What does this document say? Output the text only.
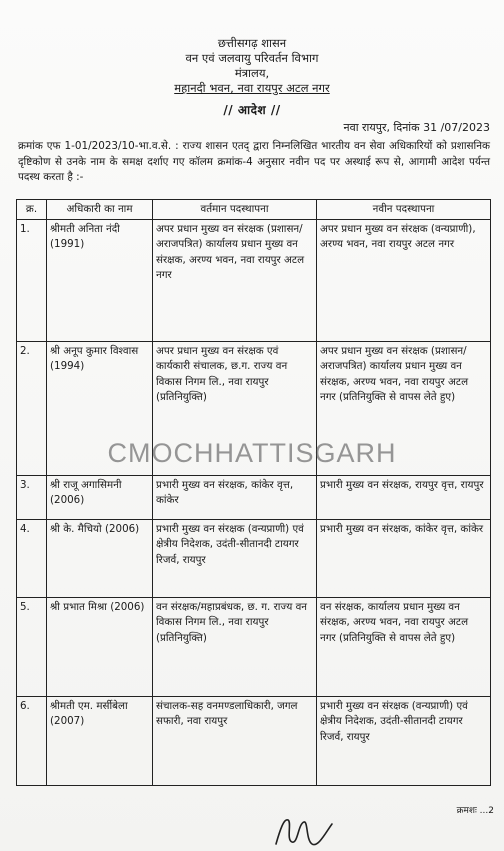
छत्तीसगढ़ शासन
वन एवं जलवायु परिवर्तन विभाग
मंत्रालय,
महानदी भवन, नवा रायपुर अटल नगर
// आदेश //
नवा रायपुर, दिनांक 31 /07/2023
क्रमांक एफ 1-01/2023/10-भा.व.से. : राज्य शासन एतद् द्वारा निम्नलिखित भारतीय वन सेवा अधिकारियों को प्रशासनिक दृष्टिकोण से उनके नाम के समक्ष दर्शाए गए कॉलम क्रमांक-4 अनुसार नवीन पद पर अस्थाई रूप से, आगामी आदेश पर्यन्त पदस्थ करता है :-
क्र.	अधिकारी का नाम	वर्तमान पदस्थापना	नवीन पदस्थापना
1.	श्रीमती अनिता नंदी (1991)	अपर प्रधान मुख्य वन संरक्षक (प्रशासन/अराजपत्रित) कार्यालय प्रधान मुख्य वन संरक्षक, अरण्य भवन, नवा रायपुर अटल नगर	अपर प्रधान मुख्य वन संरक्षक (वन्यप्राणी), अरण्य भवन, नवा रायपुर अटल नगर
2.	श्री अनूप कुमार विश्वास (1994)	अपर प्रधान मुख्य वन संरक्षक एवं कार्यकारी संचालक, छ.ग. राज्य वन विकास निगम लि., नवा रायपुर (प्रतिनियुक्ति)	अपर प्रधान मुख्य वन संरक्षक (प्रशासन/अराजपत्रित) कार्यालय प्रधान मुख्य वन संरक्षक, अरण्य भवन, नवा रायपुर अटल नगर (प्रतिनियुक्ति से वापस लेते हुए)
3.	श्री राजू अगासिमनी (2006)	प्रभारी मुख्य वन संरक्षक, कांकेर वृत्त, कांकेर	प्रभारी मुख्य वन संरक्षक, रायपुर वृत्त, रायपुर
4.	श्री के. मैचियो (2006)	प्रभारी मुख्य वन संरक्षक (वन्यप्राणी) एवं क्षेत्रीय निदेशक, उदंती-सीतानदी टायगर रिजर्व, रायपुर	प्रभारी मुख्य वन संरक्षक, कांकेर वृत्त, कांकेर
5.	श्री प्रभात मिश्रा (2006)	वन संरक्षक/महाप्रबंधक, छ. ग. राज्य वन विकास निगम लि., नवा रायपुर (प्रतिनियुक्ति)	वन संरक्षक, कार्यालय प्रधान मुख्य वन संरक्षक, अरण्य भवन, नवा रायपुर अटल नगर (प्रतिनियुक्ति से वापस लेते हुए)
6.	श्रीमती एम. मर्सीबेला (2007)	संचालक-सह वनमण्डलाधिकारी, जगल सफारी, नवा रायपुर	प्रभारी मुख्य वन संरक्षक (वन्यप्राणी) एवं क्षेत्रीय निदेशक, उदंती-सीतानदी टायगर रिजर्व, रायपुर
CMOCHHATTISGARH
क्रमशः ...2
